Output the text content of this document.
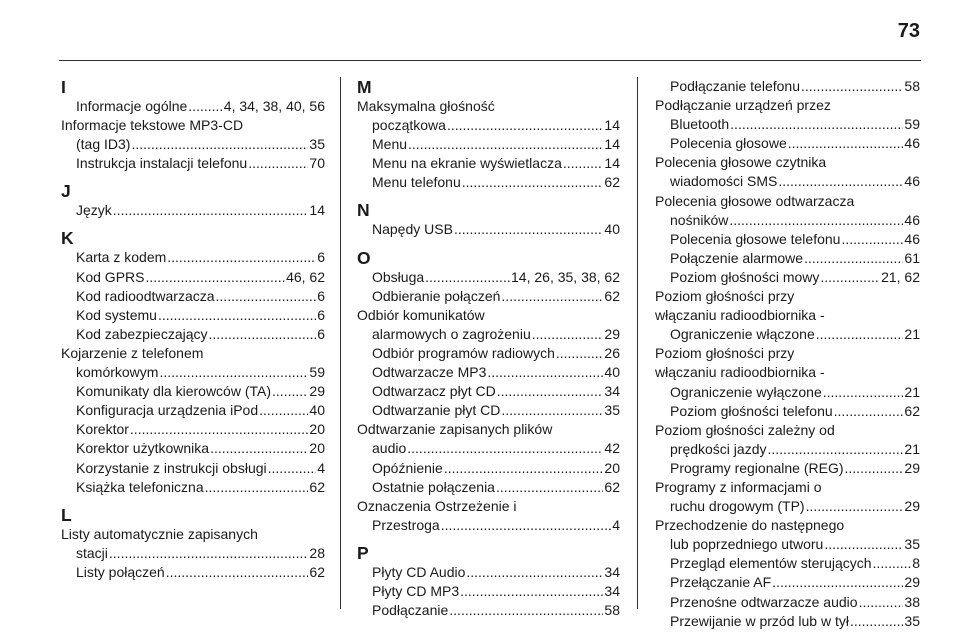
73
I
Informacje ogólne .....	4, 34, 38, 40, 56
Informacje tekstowe MP3-CD
(tag ID3) .....	35
Instrukcja instalacji telefonu .....	70
J
Język .....	14
K
Karta z kodem .....	6
Kod GPRS .....	46, 62
Kod radioodtwarzacza .....	6
Kod systemu .....	6
Kod zabezpieczający .....	6
Kojarzenie z telefonem
komórkowym .....	59
Komunikaty dla kierowców (TA) .....	29
Konfiguracja urządzenia iPod .....	40
Korektor .....	20
Korektor użytkownika .....	20
Korzystanie z instrukcji obsługi .....	4
Książka telefoniczna .....	62
L
Listy automatycznie zapisanych
stacji .....	28
Listy połączeń .....	62
M
Maksymalna głośność
początkowa .....	14
Menu .....	14
Menu na ekranie wyświetlacza .....	14
Menu telefonu .....	62
N
Napędy USB .....	40
O
Obsługa .....	14, 26, 35, 38, 62
Odbieranie połączeń .....	62
Odbiór komunikatów
alarmowych o zagrożeniu .....	29
Odbiór programów radiowych .....	26
Odtwarzacze MP3 .....	40
Odtwarzacz płyt CD .....	34
Odtwarzanie płyt CD .....	35
Odtwarzanie zapisanych plików
audio .....	42
Opóźnienie .....	20
Ostatnie połączenia .....	62
Oznaczenia Ostrzeżenie i
Przestroga .....	4
P
Płyty CD Audio .....	34
Płyty CD MP3 .....	34
Podłączanie .....	58
Podłączanie telefonu .....	58
Podłączanie urządzeń przez
Bluetooth .....	59
Polecenia głosowe .....	46
Polecenia głosowe czytnika
wiadomości SMS .....	46
Polecenia głosowe odtwarzacza
nośników .....	46
Polecenia głosowe telefonu .....	46
Połączenie alarmowe .....	61
Poziom głośności mowy .....	21, 62
Poziom głośności przy
włączaniu radioodbiornika -
Ograniczenie włączone .....	21
Poziom głośności przy
włączaniu radioodbiornika -
Ograniczenie wyłączone .....	21
Poziom głośności telefonu .....	62
Poziom głośności zależny od
prędkości jazdy .....	21
Programy regionalne (REG) .....	29
Programy z informacjami o
ruchu drogowym (TP) .....	29
Przechodzenie do następnego
lub poprzedniego utworu .....	35
Przegląd elementów sterujących .....	8
Przełączanie AF .....	29
Przenośne odtwarzacze audio .....	38
Przewijanie w przód lub w tył .....	35
